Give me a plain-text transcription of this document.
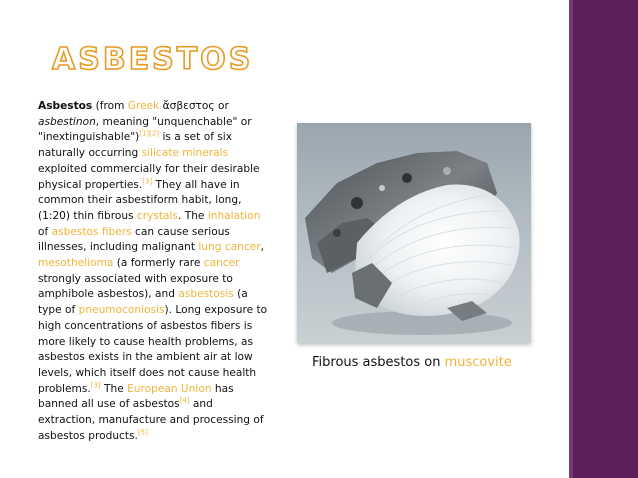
ASBESTOS
Asbestos (from Greek ἄσβεστος or asbestinon, meaning "unquenchable" or "inextinguishable")[1][2] is a set of six naturally occurring silicate minerals exploited commercially for their desirable physical properties.[3] They all have in common their asbestiform habit, long, (1:20) thin fibrous crystals. The inhalation of asbestos fibers can cause serious illnesses, including malignant lung cancer, mesothelioma (a formerly rare cancer strongly associated with exposure to amphibole asbestos), and asbestosis (a type of pneumoconiosis). Long exposure to high concentrations of asbestos fibers is more likely to cause health problems, as asbestos exists in the ambient air at low levels, which itself does not cause health problems.[3] The European Union has banned all use of asbestos[4] and extraction, manufacture and processing of asbestos products.[5]
Fibrous asbestos on muscovite
